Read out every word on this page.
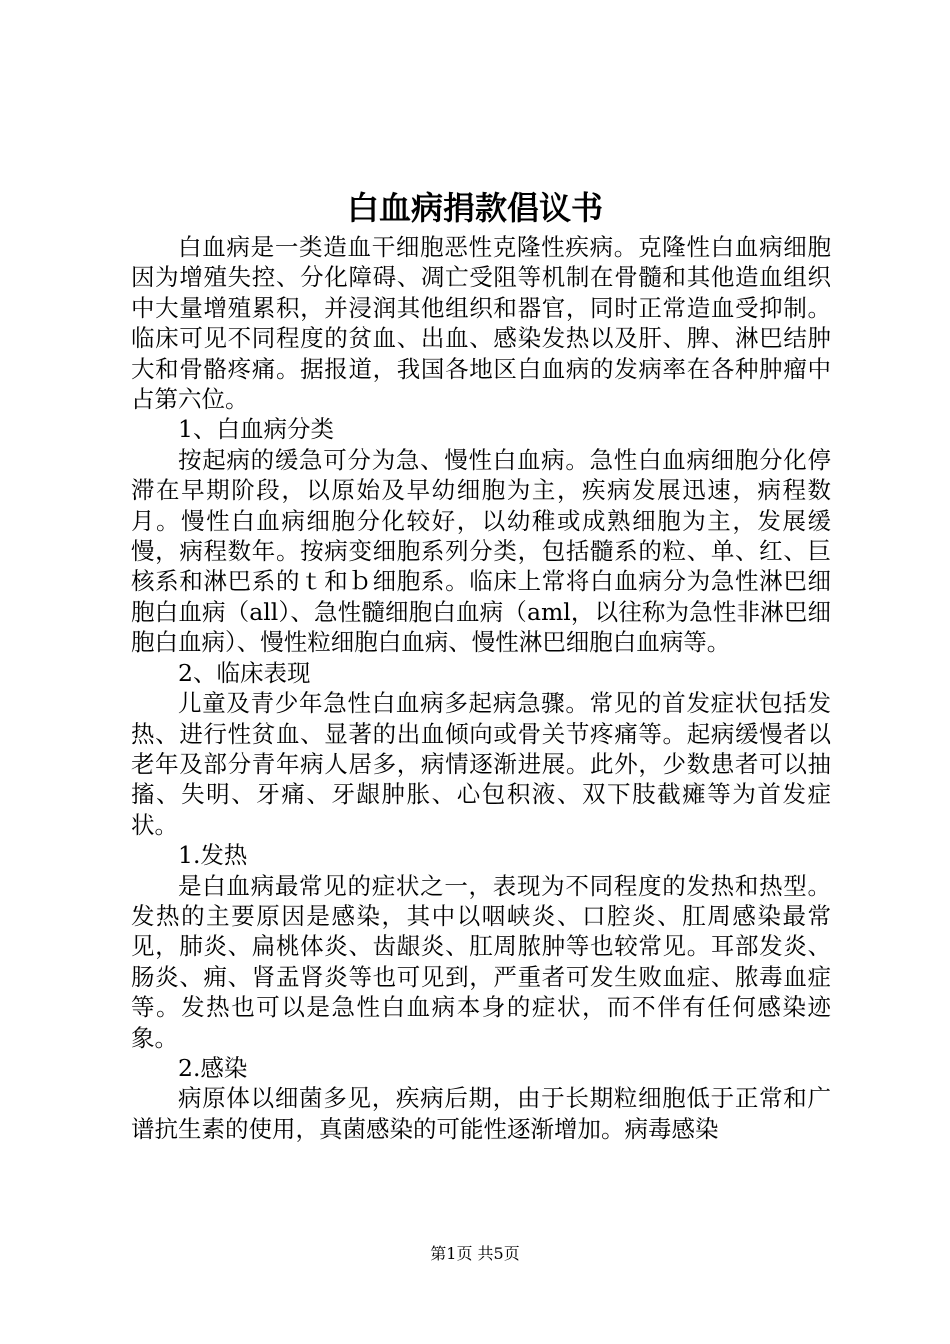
白血病捐款倡议书

白血病是一类造血干细胞恶性克隆性疾病。克隆性白血病细胞因为增殖失控、分化障碍、凋亡受阻等机制在骨髓和其他造血组织中大量增殖累积，并浸润其他组织和器官，同时正常造血受抑制。临床可见不同程度的贫血、出血、感染发热以及肝、脾、淋巴结肿大和骨骼疼痛。据报道，我国各地区白血病的发病率在各种肿瘤中占第六位。

1、白血病分类

按起病的缓急可分为急、慢性白血病。急性白血病细胞分化停滞在早期阶段，以原始及早幼细胞为主，疾病发展迅速，病程数月。慢性白血病细胞分化较好，以幼稚或成熟细胞为主，发展缓慢，病程数年。按病变细胞系列分类，包括髓系的粒、单、红、巨核系和淋巴系的ｔ和ｂ细胞系。临床上常将白血病分为急性淋巴细胞白血病（all）、急性髓细胞白血病（aml，以往称为急性非淋巴细胞白血病）、慢性粒细胞白血病、慢性淋巴细胞白血病等。

2、临床表现

儿童及青少年急性白血病多起病急骤。常见的首发症状包括发热、进行性贫血、显著的出血倾向或骨关节疼痛等。起病缓慢者以老年及部分青年病人居多，病情逐渐进展。此外，少数患者可以抽搐、失明、牙痛、牙龈肿胀、心包积液、双下肢截瘫等为首发症状。

1.发热

是白血病最常见的症状之一，表现为不同程度的发热和热型。发热的主要原因是感染，其中以咽峡炎、口腔炎、肛周感染最常见，肺炎、扁桃体炎、齿龈炎、肛周脓肿等也较常见。耳部发炎、肠炎、痈、肾盂肾炎等也可见到，严重者可发生败血症、脓毒血症等。发热也可以是急性白血病本身的症状，而不伴有任何感染迹象。

2.感染

病原体以细菌多见，疾病后期，由于长期粒细胞低于正常和广谱抗生素的使用，真菌感染的可能性逐渐增加。病毒感染

第1页 共5页
